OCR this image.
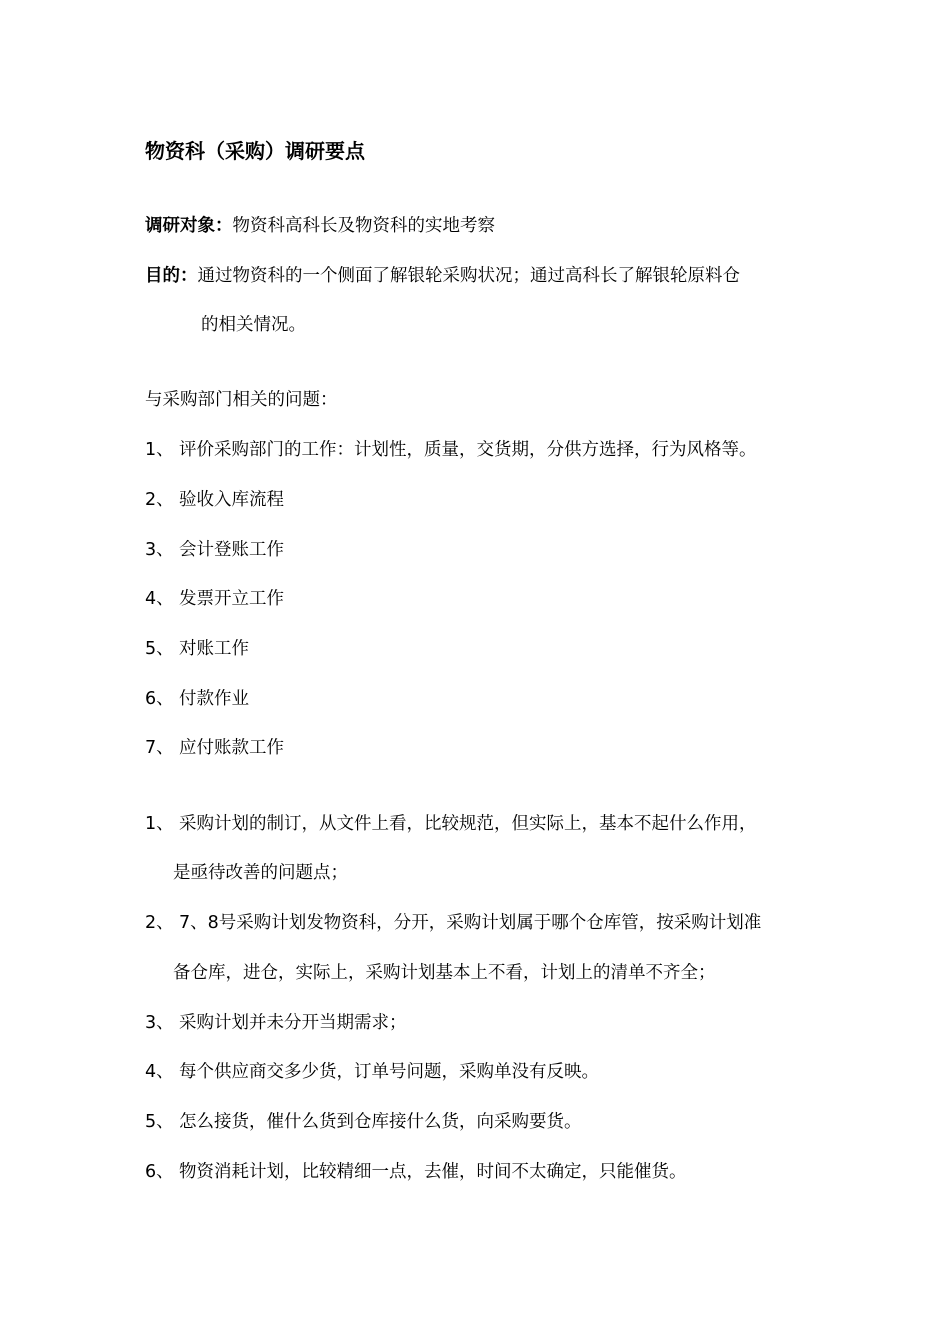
物资科（采购）调研要点
调研对象：物资科高科长及物资科的实地考察
目的：通过物资科的一个侧面了解银轮采购状况；通过高科长了解银轮原料仓
的相关情况。
与采购部门相关的问题：
1、 评价采购部门的工作：计划性，质量，交货期，分供方选择，行为风格等。
2、 验收入库流程
3、 会计登账工作
4、 发票开立工作
5、 对账工作
6、 付款作业
7、 应付账款工作
1、 采购计划的制订，从文件上看，比较规范，但实际上，基本不起什么作用，
是亟待改善的问题点；
2、 7、8号采购计划发物资科，分开，采购计划属于哪个仓库管，按采购计划准
备仓库，进仓，实际上，采购计划基本上不看，计划上的清单不齐全；
3、 采购计划并未分开当期需求；
4、 每个供应商交多少货，订单号问题，采购单没有反映。
5、 怎么接货，催什么货到仓库接什么货，向采购要货。
6、 物资消耗计划，比较精细一点，去催，时间不太确定，只能催货。
